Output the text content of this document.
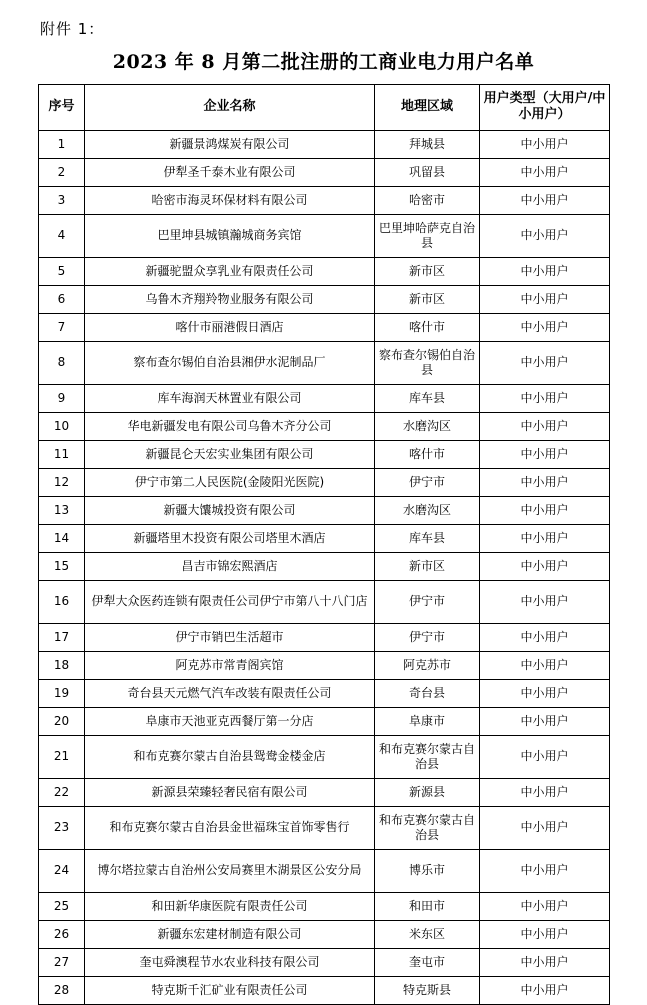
附件 1：
2023 年 8 月第二批注册的工商业电力用户名单
序号	企业名称	地理区域	用户类型（大用户/中小用户）
1	新疆景鸿煤炭有限公司	拜城县	中小用户
2	伊犁圣千泰木业有限公司	巩留县	中小用户
3	哈密市海灵环保材料有限公司	哈密市	中小用户
4	巴里坤县城镇瀚城商务宾馆	巴里坤哈萨克自治县	中小用户
5	新疆驼盟众享乳业有限责任公司	新市区	中小用户
6	乌鲁木齐翔羚物业服务有限公司	新市区	中小用户
7	喀什市丽港假日酒店	喀什市	中小用户
8	察布查尔锡伯自治县湘伊水泥制品厂	察布查尔锡伯自治县	中小用户
9	库车海润天林置业有限公司	库车县	中小用户
10	华电新疆发电有限公司乌鲁木齐分公司	水磨沟区	中小用户
11	新疆昆仑天宏实业集团有限公司	喀什市	中小用户
12	伊宁市第二人民医院(金陵阳光医院)	伊宁市	中小用户
13	新疆大馕城投资有限公司	水磨沟区	中小用户
14	新疆塔里木投资有限公司塔里木酒店	库车县	中小用户
15	昌吉市锦宏熙酒店	新市区	中小用户
16	伊犁大众医药连锁有限责任公司伊宁市第八十八门店	伊宁市	中小用户
17	伊宁市销巴生活超市	伊宁市	中小用户
18	阿克苏市常青阁宾馆	阿克苏市	中小用户
19	奇台县天元燃气汽车改装有限责任公司	奇台县	中小用户
20	阜康市天池亚克西餐厅第一分店	阜康市	中小用户
21	和布克赛尔蒙古自治县鸳鸯金楼金店	和布克赛尔蒙古自治县	中小用户
22	新源县荣臻轻奢民宿有限公司	新源县	中小用户
23	和布克赛尔蒙古自治县金世福珠宝首饰零售行	和布克赛尔蒙古自治县	中小用户
24	博尔塔拉蒙古自治州公安局赛里木湖景区公安分局	博乐市	中小用户
25	和田新华康医院有限责任公司	和田市	中小用户
26	新疆东宏建材制造有限公司	米东区	中小用户
27	奎屯舜澳程节水农业科技有限公司	奎屯市	中小用户
28	特克斯千汇矿业有限责任公司	特克斯县	中小用户
